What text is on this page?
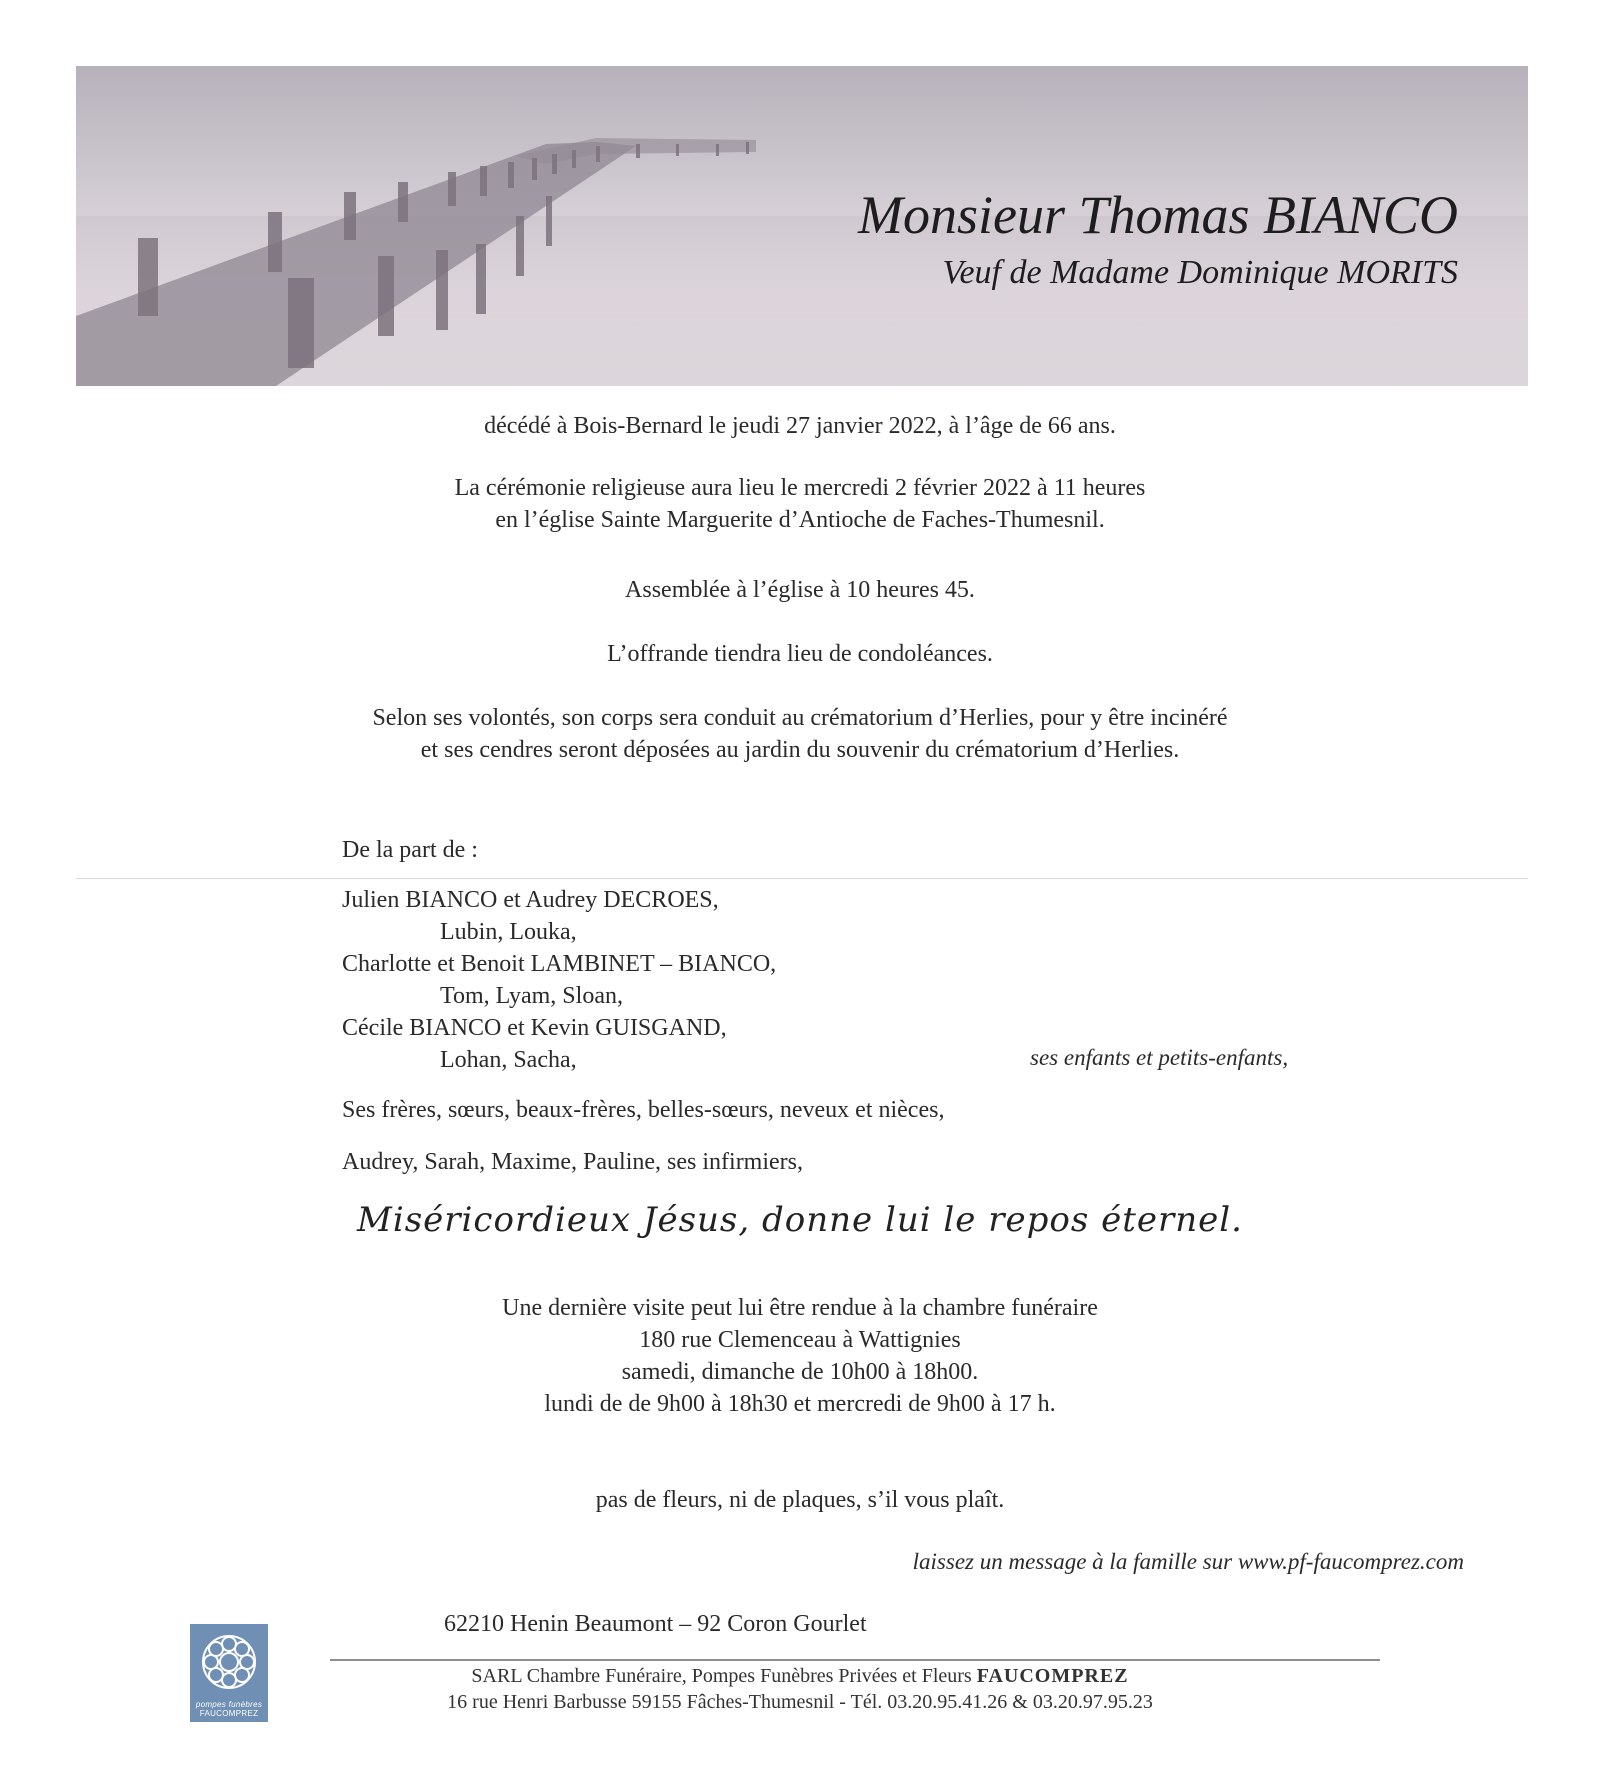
Monsieur Thomas BIANCO
Veuf de Madame Dominique MORITS
décédé à Bois-Bernard le jeudi 27 janvier 2022, à l’âge de 66 ans.
La cérémonie religieuse aura lieu le mercredi 2 février 2022 à 11 heures
en l’église Sainte Marguerite d’Antioche de Faches-Thumesnil.
Assemblée à l’église à 10 heures 45.
L’offrande tiendra lieu de condoléances.
Selon ses volontés, son corps sera conduit au crématorium d’Herlies, pour y être incinéré
et ses cendres seront déposées au jardin du souvenir du crématorium d’Herlies.
De la part de :
Julien BIANCO et Audrey DECROES,
Lubin, Louka,
Charlotte et Benoit LAMBINET – BIANCO,
Tom, Lyam, Sloan,
Cécile BIANCO et Kevin GUISGAND,
Lohan, Sacha,	ses enfants et petits-enfants,
Ses frères, sœurs, beaux-frères, belles-sœurs, neveux et nièces,
Audrey, Sarah, Maxime, Pauline, ses infirmiers,
Miséricordieux Jésus, donne lui le repos éternel.
Une dernière visite peut lui être rendue à la chambre funéraire
180 rue Clemenceau à Wattignies
samedi, dimanche de 10h00 à 18h00.
lundi de de 9h00 à 18h30 et mercredi de 9h00 à 17 h.
pas de fleurs, ni de plaques, s’il vous plaît.
laissez un message à la famille sur www.pf-faucomprez.com
62210 Henin Beaumont – 92 Coron Gourlet
pompes funèbres
FAUCOMPREZ
SARL Chambre Funéraire, Pompes Funèbres Privées et Fleurs FAUCOMPREZ
16 rue Henri Barbusse 59155 Fâches-Thumesnil - Tél. 03.20.95.41.26 & 03.20.97.95.23
